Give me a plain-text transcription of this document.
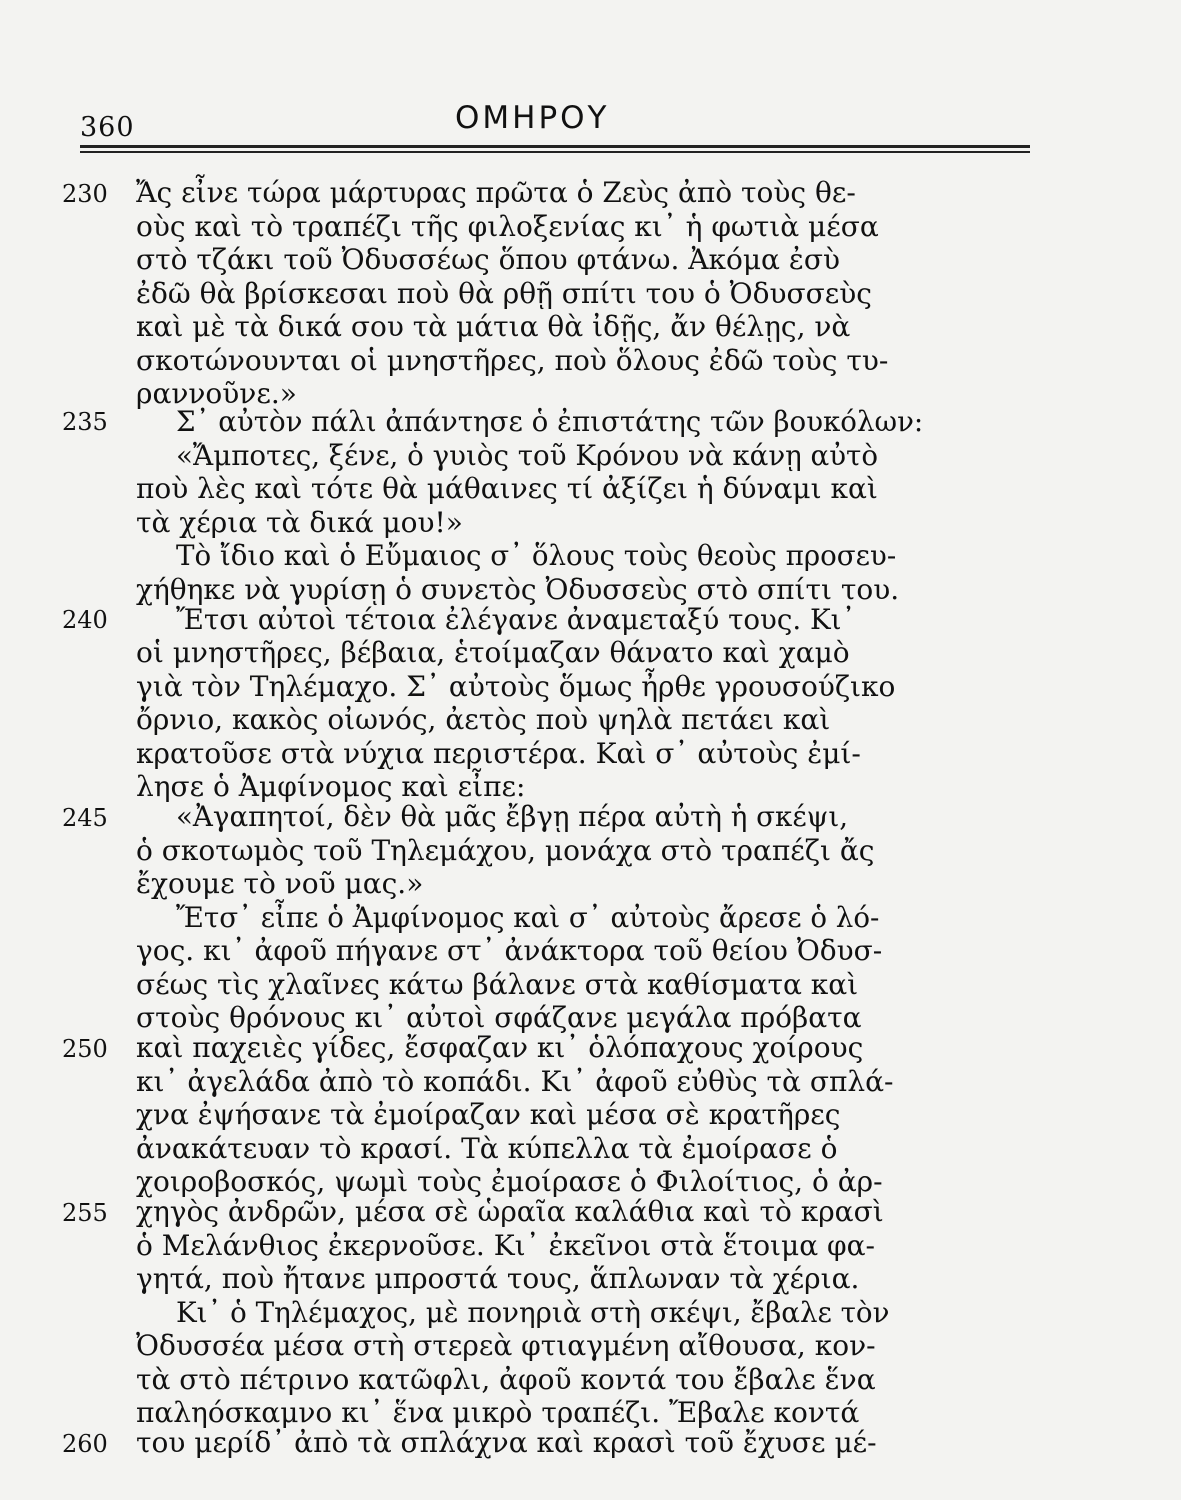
360	ΟΜΗΡΟΥ
230 Ἄς εἶνε τώρα μάρτυρας πρῶτα ὁ Ζεὺς ἀπὸ τοὺς θε-
οὺς καὶ τὸ τραπέζι τῆς φιλοξενίας κι᾽ ἡ φωτιὰ μέσα
στὸ τζάκι τοῦ Ὀδυσσέως ὅπου φτάνω. Ἀκόμα ἐσὺ
ἐδῶ θὰ βρίσκεσαι ποὺ θὰ ρθῇ σπίτι του ὁ Ὀδυσσεὺς
καὶ μὲ τὰ δικά σου τὰ μάτια θὰ ἰδῇς, ἄν θέλῃς, νὰ
σκοτώνουνται οἱ μνηστῆρες, ποὺ ὅλους ἐδῶ τοὺς τυ-
ραννοῦνε.»
235 Σ᾽ αὐτὸν πάλι ἀπάντησε ὁ ἐπιστάτης τῶν βουκόλων:
«Ἄμποτες, ξένε, ὁ γυιὸς τοῦ Κρόνου νὰ κάνῃ αὐτὸ
ποὺ λὲς καὶ τότε θὰ μάθαινες τί ἀξίζει ἡ δύναμι καὶ
τὰ χέρια τὰ δικά μου!»
Τὸ ἴδιο καὶ ὁ Εὔμαιος σ᾽ ὅλους τοὺς θεοὺς προσευ-
χήθηκε νὰ γυρίσῃ ὁ συνετὸς Ὀδυσσεὺς στὸ σπίτι του.
240 Ἔτσι αὐτοὶ τέτοια ἐλέγανε ἀναμεταξύ τους. Κι᾽
οἱ μνηστῆρες, βέβαια, ἑτοίμαζαν θάνατο καὶ χαμὸ
γιὰ τὸν Τηλέμαχο. Σ᾽ αὐτοὺς ὅμως ἦρθε γρουσούζικο
ὄρνιο, κακὸς οἰωνός, ἀετὸς ποὺ ψηλὰ πετάει καὶ
κρατοῦσε στὰ νύχια περιστέρα. Καὶ σ᾽ αὐτοὺς ἐμί-
λησε ὁ Ἀμφίνομος καὶ εἶπε:
245 «Ἀγαπητοί, δὲν θὰ μᾶς ἔβγῃ πέρα αὐτὴ ἡ σκέψι,
ὁ σκοτωμὸς τοῦ Τηλεμάχου, μονάχα στὸ τραπέζι ἄς
ἔχουμε τὸ νοῦ μας.»
Ἔτσ᾽ εἶπε ὁ Ἀμφίνομος καὶ σ᾽ αὐτοὺς ἄρεσε ὁ λό-
γος. κι᾽ ἀφοῦ πήγανε στ᾽ ἀνάκτορα τοῦ θείου Ὀδυσ-
σέως τὶς χλαῖνες κάτω βάλανε στὰ καθίσματα καὶ
στοὺς θρόνους κι᾽ αὐτοὶ σφάζανε μεγάλα πρόβατα
250 καὶ παχειὲς γίδες, ἔσφαζαν κι᾽ ὁλόπαχους χοίρους
κι᾽ ἀγελάδα ἀπὸ τὸ κοπάδι. Κι᾽ ἀφοῦ εὐθὺς τὰ σπλά-
χνα ἐψήσανε τὰ ἐμοίραζαν καὶ μέσα σὲ κρατῆρες
ἀνακάτευαν τὸ κρασί. Τὰ κύπελλα τὰ ἐμοίρασε ὁ
χοιροβοσκός, ψωμὶ τοὺς ἐμοίρασε ὁ Φιλοίτιος, ὁ ἀρ-
255 χηγὸς ἀνδρῶν, μέσα σὲ ὡραῖα καλάθια καὶ τὸ κρασὶ
ὁ Μελάνθιος ἐκερνοῦσε. Κι᾽ ἐκεῖνοι στὰ ἕτοιμα φα-
γητά, ποὺ ἤτανε μπροστά τους, ἅπλωναν τὰ χέρια.
Κι᾽ ὁ Τηλέμαχος, μὲ πονηριὰ στὴ σκέψι, ἔβαλε τὸν
Ὀδυσσέα μέσα στὴ στερεὰ φτιαγμένη αἴθουσα, κον-
τὰ στὸ πέτρινο κατῶφλι, ἀφοῦ κοντά του ἔβαλε ἕνα
παληόσκαμνο κι᾽ ἕνα μικρὸ τραπέζι. Ἔβαλε κοντά
260 του μερίδ᾽ ἀπὸ τὰ σπλάχνα καὶ κρασὶ τοῦ ἔχυσε μέ-
